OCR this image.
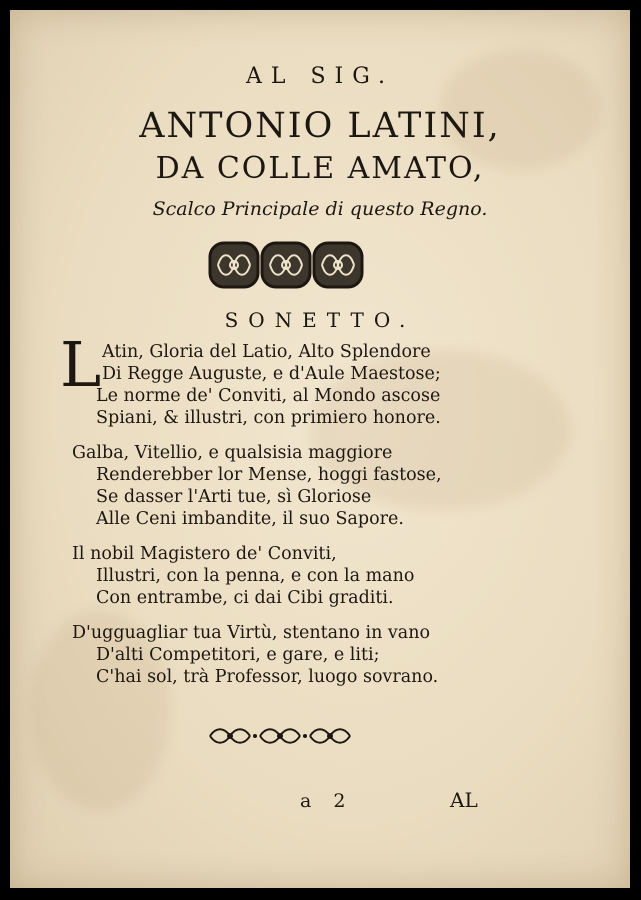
AL SIG.
ANTONIO LATINI,
DA COLLE AMATO,
Scalco Principale di questo Regno.
SONETTO.
L Atin, Gloria del Latio, Alto Splendore
Di Regge Auguste, e d'Aule Maestose;
Le norme de' Conviti, al Mondo ascose
Spiani, & illustri, con primiero honore.
Galba, Vitellio, e qualsisia maggiore
Renderebber lor Mense, hoggi fastose,
Se dasser l'Arti tue, sì Gloriose
Alle Ceni imbandite, il suo Sapore.
Il nobil Magistero de' Conviti,
Illustri, con la penna, e con la mano
Con entrambe, ci dai Cibi graditi.
D'ugguagliar tua Virtù, stentano in vano
D'alti Competitori, e gare, e liti;
C'hai sol, trà Professor, luogo sovrano.
a 2	AL
